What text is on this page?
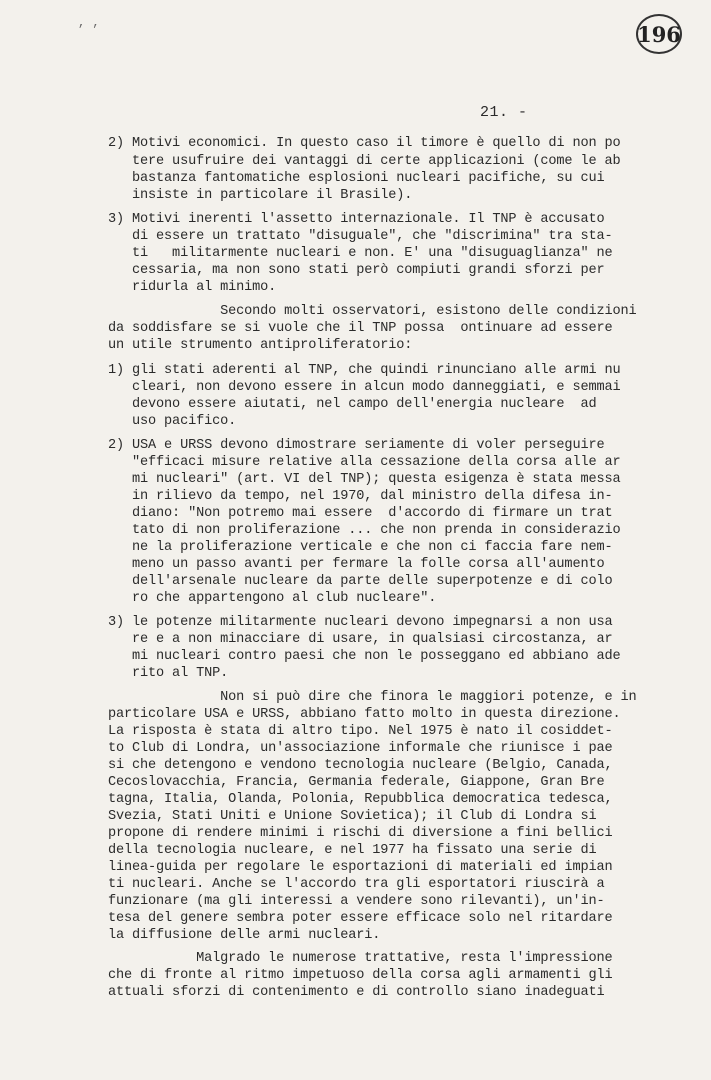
, ,	196
21. -
2) Motivi economici. In questo caso il timore è quello di non po
tere usufruire dei vantaggi di certe applicazioni (come le ab
bastanza fantomatiche esplosioni nucleari pacifiche, su cui
insiste in particolare il Brasile).
3) Motivi inerenti l'assetto internazionale. Il TNP è accusato
di essere un trattato "disuguale", che "discrimina" tra sta-
ti   militarmente nucleari e non. E' una "disuguaglianza" ne
cessaria, ma non sono stati però compiuti grandi sforzi per
ridurla al minimo.
Secondo molti osservatori, esistono delle condizioni
da soddisfare se si vuole che il TNP possa  ontinuare ad essere
un utile strumento antiproliferatorio:
1) gli stati aderenti al TNP, che quindi rinunciano alle armi nu
cleari, non devono essere in alcun modo danneggiati, e semmai
devono essere aiutati, nel campo dell'energia nucleare  ad
uso pacifico.
2) USA e URSS devono dimostrare seriamente di voler perseguire
"efficaci misure relative alla cessazione della corsa alle ar
mi nucleari" (art. VI del TNP); questa esigenza è stata messa
in rilievo da tempo, nel 1970, dal ministro della difesa in-
diano: "Non potremo mai essere  d'accordo di firmare un trat
tato di non proliferazione ... che non prenda in considerazio
ne la proliferazione verticale e che non ci faccia fare nem-
meno un passo avanti per fermare la folle corsa all'aumento
dell'arsenale nucleare da parte delle superpotenze e di colo
ro che appartengono al club nucleare".
3) le potenze militarmente nucleari devono impegnarsi a non usa
re e a non minacciare di usare, in qualsiasi circostanza, ar
mi nucleari contro paesi che non le posseggano ed abbiano ade
rito al TNP.
Non si può dire che finora le maggiori potenze, e in
particolare USA e URSS, abbiano fatto molto in questa direzione.
La risposta è stata di altro tipo. Nel 1975 è nato il cosiddet-
to Club di Londra, un'associazione informale che riunisce i pae
si che detengono e vendono tecnologia nucleare (Belgio, Canada,
Cecoslovacchia, Francia, Germania federale, Giappone, Gran Bre
tagna, Italia, Olanda, Polonia, Repubblica democratica tedesca,
Svezia, Stati Uniti e Unione Sovietica); il Club di Londra si
propone di rendere minimi i rischi di diversione a fini bellici
della tecnologia nucleare, e nel 1977 ha fissato una serie di
linea-guida per regolare le esportazioni di materiali ed impian
ti nucleari. Anche se l'accordo tra gli esportatori riuscirà a
funzionare (ma gli interessi a vendere sono rilevanti), un'in-
tesa del genere sembra poter essere efficace solo nel ritardare
la diffusione delle armi nucleari.
Malgrado le numerose trattative, resta l'impressione
che di fronte al ritmo impetuoso della corsa agli armamenti gli
attuali sforzi di contenimento e di controllo siano inadeguati
